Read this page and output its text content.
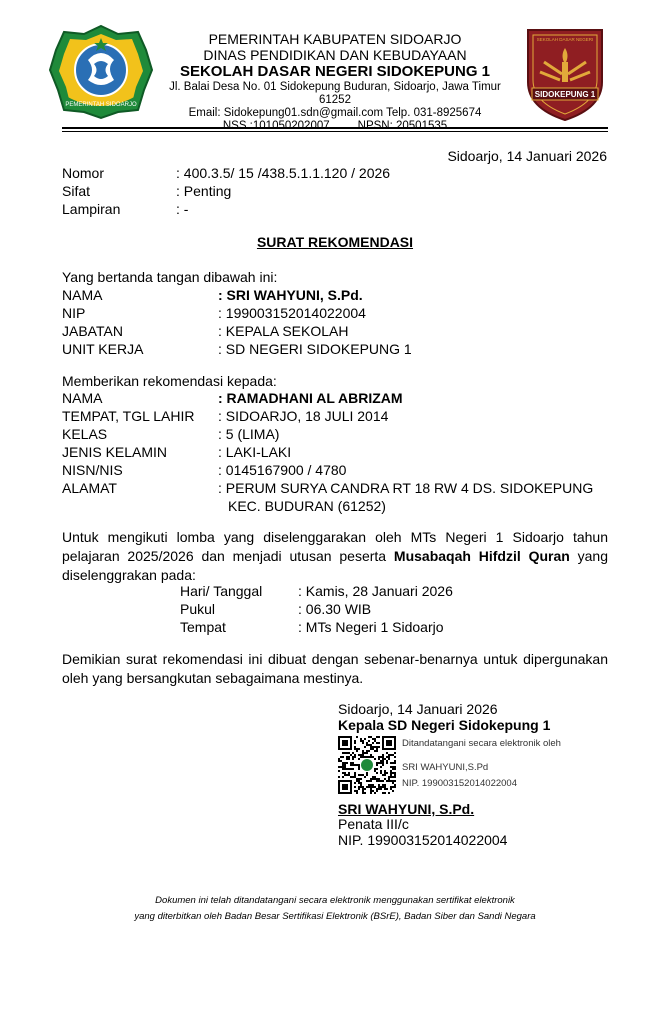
PEMERINTAH SIDOARJO
PEMERINTAH KABUPATEN SIDOARJO
DINAS PENDIDIKAN DAN KEBUDAYAAN
SEKOLAH DASAR NEGERI SIDOKEPUNG 1
Jl. Balai Desa No. 01 Sidokepung Buduran, Sidoarjo, Jawa Timur 61252
Email: Sidokepung01.sdn@gmail.com Telp. 031-8925674
NSS :101050202007 NPSN: 20501535
SEKOLAH DASAR NEGERI
SIDOKEPUNG 1
Sidoarjo, 14 Januari 2026
Nomor	: 400.3.5/ 15 /438.5.1.1.120 / 2026
Sifat	: Penting
Lampiran	: -
SURAT REKOMENDASI
Yang bertanda tangan dibawah ini:
NAMA	: SRI WAHYUNI, S.Pd.
NIP	: 199003152014022004
JABATAN	: KEPALA SEKOLAH
UNIT KERJA	: SD NEGERI SIDOKEPUNG 1
Memberikan rekomendasi kepada:
NAMA	: RAMADHANI AL ABRIZAM
TEMPAT, TGL LAHIR : SIDOARJO, 18 JULI 2014
KELAS	: 5 (LIMA)
JENIS KELAMIN	: LAKI-LAKI
NISN/NIS	: 0145167900 / 4780
ALAMAT	: PERUM SURYA CANDRA RT 18 RW 4 DS. SIDOKEPUNG
KEC. BUDURAN (61252)
Untuk mengikuti lomba yang diselenggarakan oleh MTs Negeri 1 Sidoarjo tahun pelajaran 2025/2026 dan menjadi utusan peserta Musabaqah Hifdzil Quran yang diselenggrakan pada:
Hari/ Tanggal	: Kamis, 28 Januari 2026
Pukul	: 06.30 WIB
Tempat	: MTs Negeri 1 Sidoarjo
Demikian surat rekomendasi ini dibuat dengan sebenar-benarnya untuk dipergunakan oleh yang bersangkutan sebagaimana mestinya.
Sidoarjo, 14 Januari 2026
Kepala SD Negeri Sidokepung 1
Ditandatangani secara elektronik oleh
SRI WAHYUNI,S.Pd
NIP. 199003152014022004
SRI WAHYUNI, S.Pd.
Penata III/c
NIP. 199003152014022004
Dokumen ini telah ditandatangani secara elektronik menggunakan sertifikat elektronik
yang diterbitkan oleh Badan Besar Sertifikasi Elektronik (BSrE), Badan Siber dan Sandi Negara
